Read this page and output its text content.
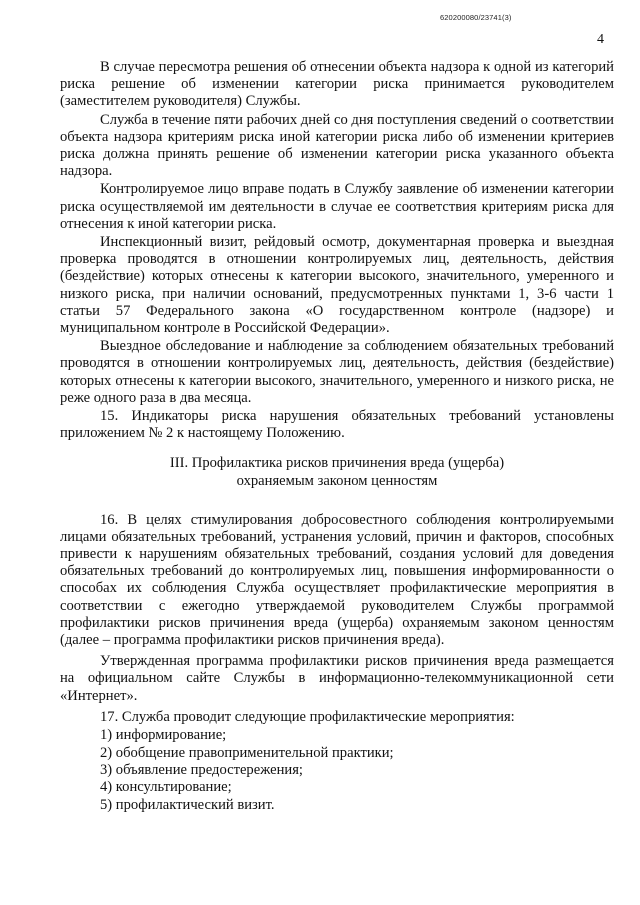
620200080/23741(3)
4

В случае пересмотра решения об отнесении объекта надзора к одной из категорий риска решение об изменении категории риска принимается руководителем (заместителем руководителя) Службы.

Служба в течение пяти рабочих дней со дня поступления сведений о соответствии объекта надзора критериям риска иной категории риска либо об изменении критериев риска должна принять решение об изменении категории риска указанного объекта надзора.

Контролируемое лицо вправе подать в Службу заявление об изменении категории риска осуществляемой им деятельности в случае ее соответствия критериям риска для отнесения к иной категории риска.

Инспекционный визит, рейдовый осмотр, документарная проверка и выездная проверка проводятся в отношении контролируемых лиц, деятельность, действия (бездействие) которых отнесены к категории высокого, значительного, умеренного и низкого риска, при наличии оснований, предусмотренных пунктами 1, 3-6 части 1 статьи 57 Федерального закона «О государственном контроле (надзоре) и муниципальном контроле в Российской Федерации».

Выездное обследование и наблюдение за соблюдением обязательных требований проводятся в отношении контролируемых лиц, деятельность, действия (бездействие) которых отнесены к категории высокого, значительного, умеренного и низкого риска, не реже одного раза в два месяца.

15. Индикаторы риска нарушения обязательных требований установлены приложением № 2 к настоящему Положению.

III. Профилактика рисков причинения вреда (ущерба)
охраняемым законом ценностям

16. В целях стимулирования добросовестного соблюдения контролируемыми лицами обязательных требований, устранения условий, причин и факторов, способных привести к нарушениям обязательных требований, создания условий для доведения обязательных требований до контролируемых лиц, повышения информированности о способах их соблюдения Служба осуществляет профилактические мероприятия в соответствии с ежегодно утверждаемой руководителем Службы программой профилактики рисков причинения вреда (ущерба) охраняемым законом ценностям (далее – программа профилактики рисков причинения вреда).

Утвержденная программа профилактики рисков причинения вреда размещается на официальном сайте Службы в информационно-телекоммуникационной сети «Интернет».

17. Служба проводит следующие профилактические мероприятия:

1) информирование;
2) обобщение правоприменительной практики;
3) объявление предостережения;
4) консультирование;
5) профилактический визит.
